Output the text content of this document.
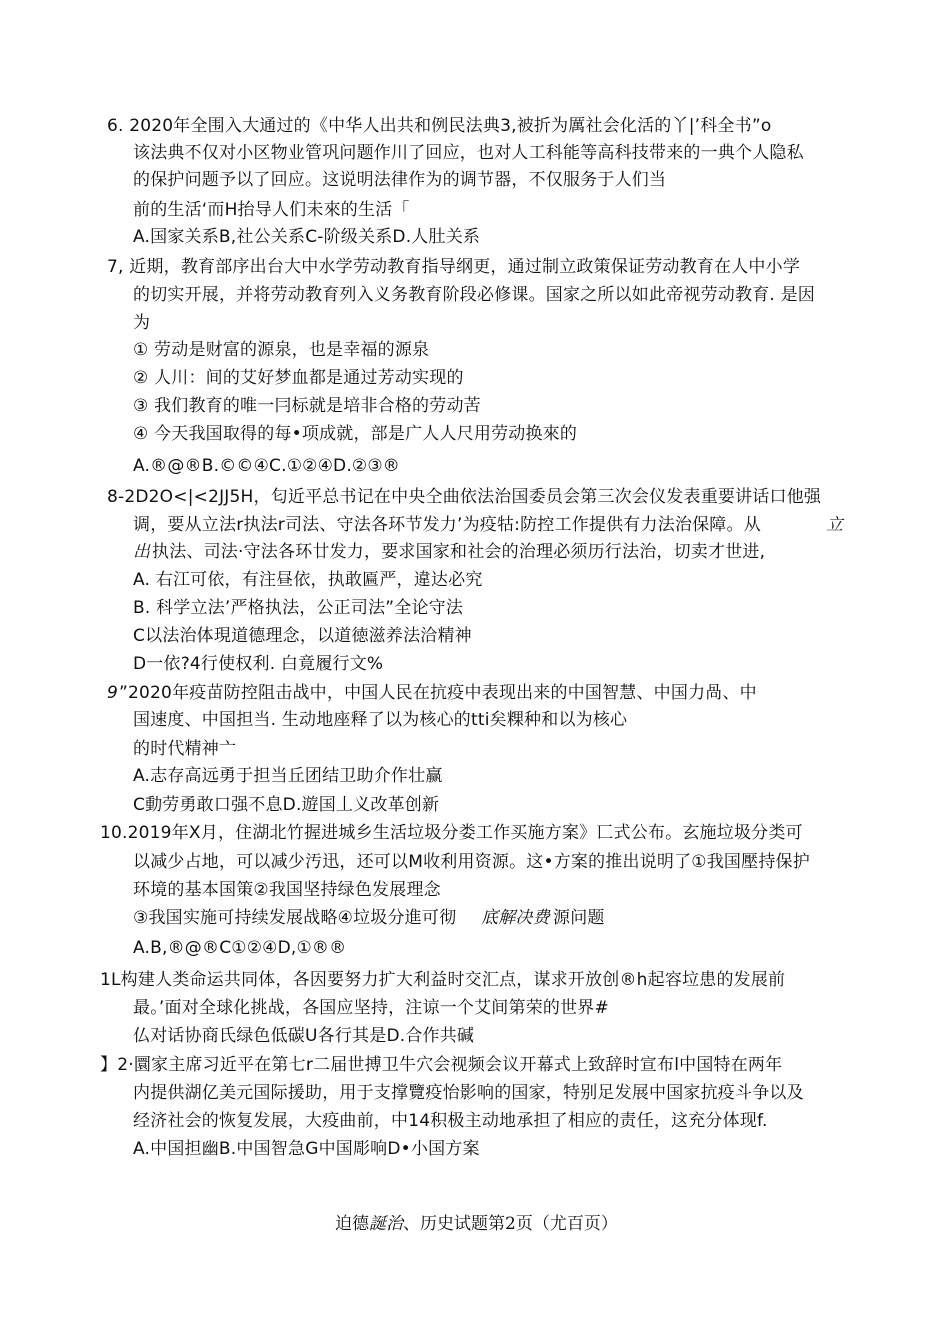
6. 2020年全围入大通过的《中华人出共和例民法典3,被折为厲社会化活的丫|’科全书”o
该法典不仅对小区物业管巩问题作川了回应，也对人工科能等高科技带来的一典个人隐私
的保护问题予以了回应。这说明法律作为的调节器，不仅服务于人们当
前的生活‘而H抬导人们未來的生活「
A.国家关系B,社公关系C-阶级关系D.人肚关系
7, 近期，教育部序出台大中水学劳动教育指导纲更，通过制立政策保证劳动教育在人中小学
的切实开展，并将劳动教育列入义务教育阶段必修课。国家之所以如此帝视劳动教育. 是因
为
① 劳动是财富的源泉，也是幸福的源泉
② 人川：间的艾好梦血都是通过芳动实现的
③ 我们教育的唯一冃标就是培非合格的劳动苦
④ 今天我国取得的每•项成就，部是广人人尺用劳动换來的
A.®@®B.©©④C.①②④D.②③®
8-2D2O<|<2JJ5H，匂近平总书记在中央仝曲依法治国委员会第三次会仪发表重要讲话口他强
调，要从立法r执法r司法、守法各环节发力’为疫牯:防控工作提供有力法治保障。从	立
出 执法、司法·守法各环廿发力，要求国家和社会的治理必须历行法治，切卖才世进,
A. 右江可依，有注昼依，执敢匾严，違达必究
B. 科学立法’严格执法，公正司法”全论守法
C以法治体現道德理念，以道徳滋养法洽精神
D一依?4行使权利. 白竟履行文%
9 ”2020年疫苗防控阻击战中，中国人民在抗疫中表现出来的中国智慧、中国力咼、中
国速度、中国担当. 生动地座释了以为核心的tti矣粿种和以为核心
的时代精神亠
A.志存高远勇于担当丘团结卫助介作壮赢
C動劳勇敢口强不息D.遊国丄义改革创新
10.2019年X月，住湖北竹握进城乡生活垃圾分娄工作买施方案》匸式公布。玄施垃圾分类可
以减少占地，可以减少汚迅，还可以M收利用资源。这•方案的推出说明了①我国壓持保护
环境的基本国策②我国坚持绿色发展理念
③我国实施可持续发展战略④垃圾分進可彻 底解决费 源问题
A.B,®@®C①②④D,①®®
1L构建人类命运共同体，各因要努力扩大利益时交汇点，谋求开放创®h起容垃患的发展前
最。’面对全球化挑战，各国应坚持，注谅一个艾间第荣的世界#
仏对话协商氏绿色低碳U各行其是D.合作共碱
】2·圜家主席习近平在第七r二届世搏卫牛穴会视频会议开幕式上致辞时宣布l中国特在两年
内提供湖亿美元国际援助，用于支撑覽疫怡影响的国家，特别足发展中国家抗疫斗争以及
经济社会的恢复发展，大疫曲前，中14积极主动地承担了相应的责任，这充分体现f.
A.中国担幽B.中国智急G中国彫响D•小国方案
迫德誕治、历史试题第2页（尤百页）
